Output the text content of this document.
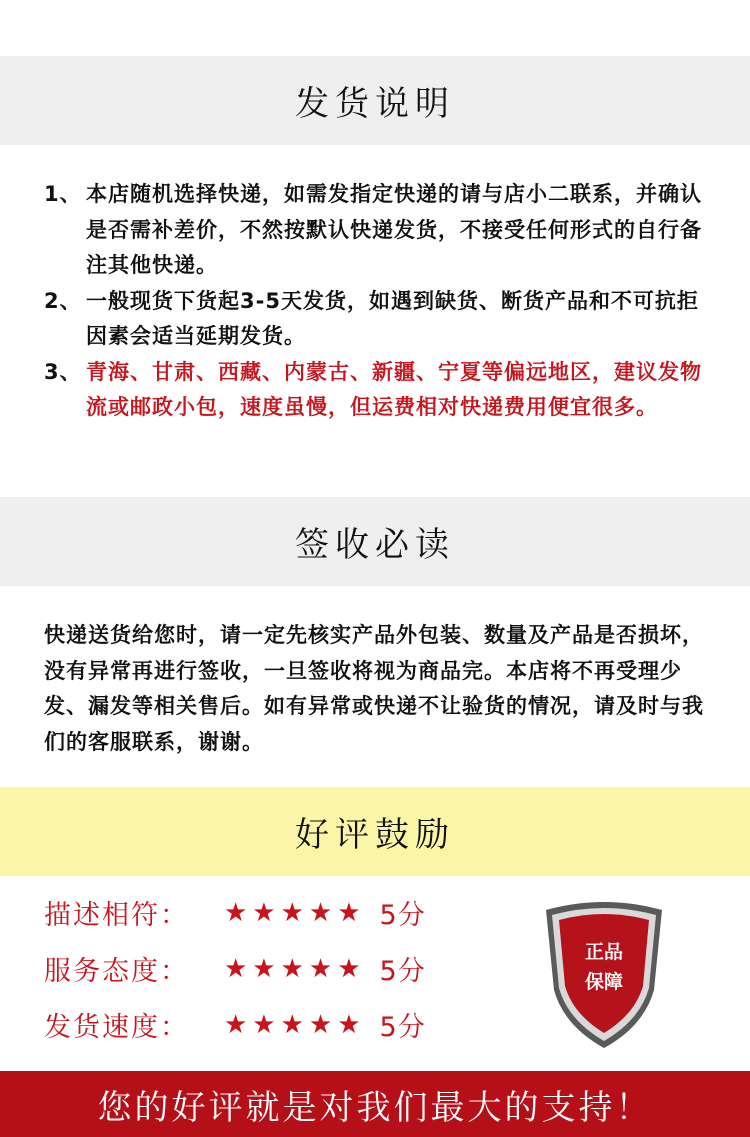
发货说明
1、 本店随机选择快递，如需发指定快递的请与店小二联系，并确认是否需补差价，不然按默认快递发货，不接受任何形式的自行备注其他快递。
2、 一般现货下货起3-5天发货，如遇到缺货、断货产品和不可抗拒因素会适当延期发货。
3、 青海、甘肃、西藏、内蒙古、新疆、宁夏等偏远地区，建议发物流或邮政小包，速度虽慢，但运费相对快递费用便宜很多。
签收必读
快递送货给您时，请一定先核实产品外包装、数量及产品是否损坏，没有异常再进行签收，一旦签收将视为商品完。本店将不再受理少发、漏发等相关售后。如有异常或快递不让验货的情况，请及时与我们的客服联系，谢谢。
好评鼓励
描述相符：	★★★★★ 5分
服务态度：	★★★★★ 5分
发货速度：	★★★★★ 5分
正品
保障
您的好评就是对我们最大的支持！
